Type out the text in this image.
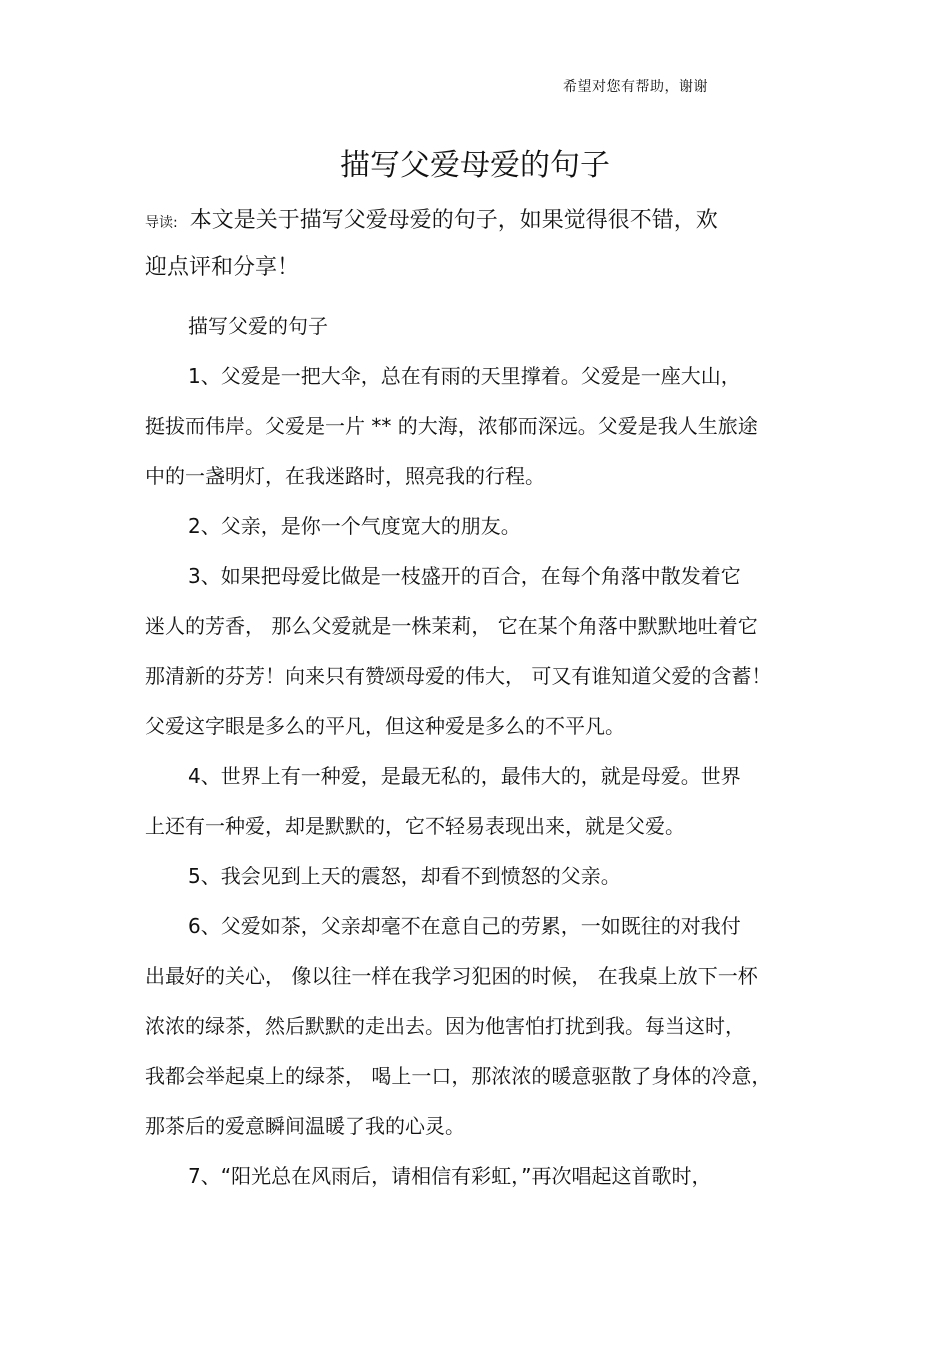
希望对您有帮助，谢谢
描写父爱母爱的句子
导读: 本文是关于描写父爱母爱的句子，如果觉得很不错，欢
迎点评和分享！
描写父爱的句子
1、父爱是一把大伞，总在有雨的天里撑着。父爱是一座大山，
挺拔而伟岸。父爱是一片 ** 的大海，浓郁而深远。父爱是我人生旅途
中的一盏明灯，在我迷路时，照亮我的行程。
2、父亲，是你一个气度宽大的朋友。
3、如果把母爱比做是一枝盛开的百合，在每个角落中散发着它
迷人的芳香， 那么父爱就是一株茉莉， 它在某个角落中默默地吐着它
那清新的芬芳！向来只有赞颂母爱的伟大， 可又有谁知道父爱的含蓄！
父爱这字眼是多么的平凡，但这种爱是多么的不平凡。
4、世界上有一种爱，是最无私的，最伟大的，就是母爱。世界
上还有一种爱，却是默默的，它不轻易表现出来，就是父爱。
5、我会见到上天的震怒，却看不到愤怒的父亲。
6、父爱如茶，父亲却毫不在意自己的劳累，一如既往的对我付
出最好的关心， 像以往一样在我学习犯困的时候， 在我桌上放下一杯
浓浓的绿茶，然后默默的走出去。因为他害怕打扰到我。每当这时，
我都会举起桌上的绿茶， 喝上一口，那浓浓的暖意驱散了身体的冷意，
那茶后的爱意瞬间温暖了我的心灵。
7、“阳光总在风雨后，请相信有彩虹，”再次唱起这首歌时，
